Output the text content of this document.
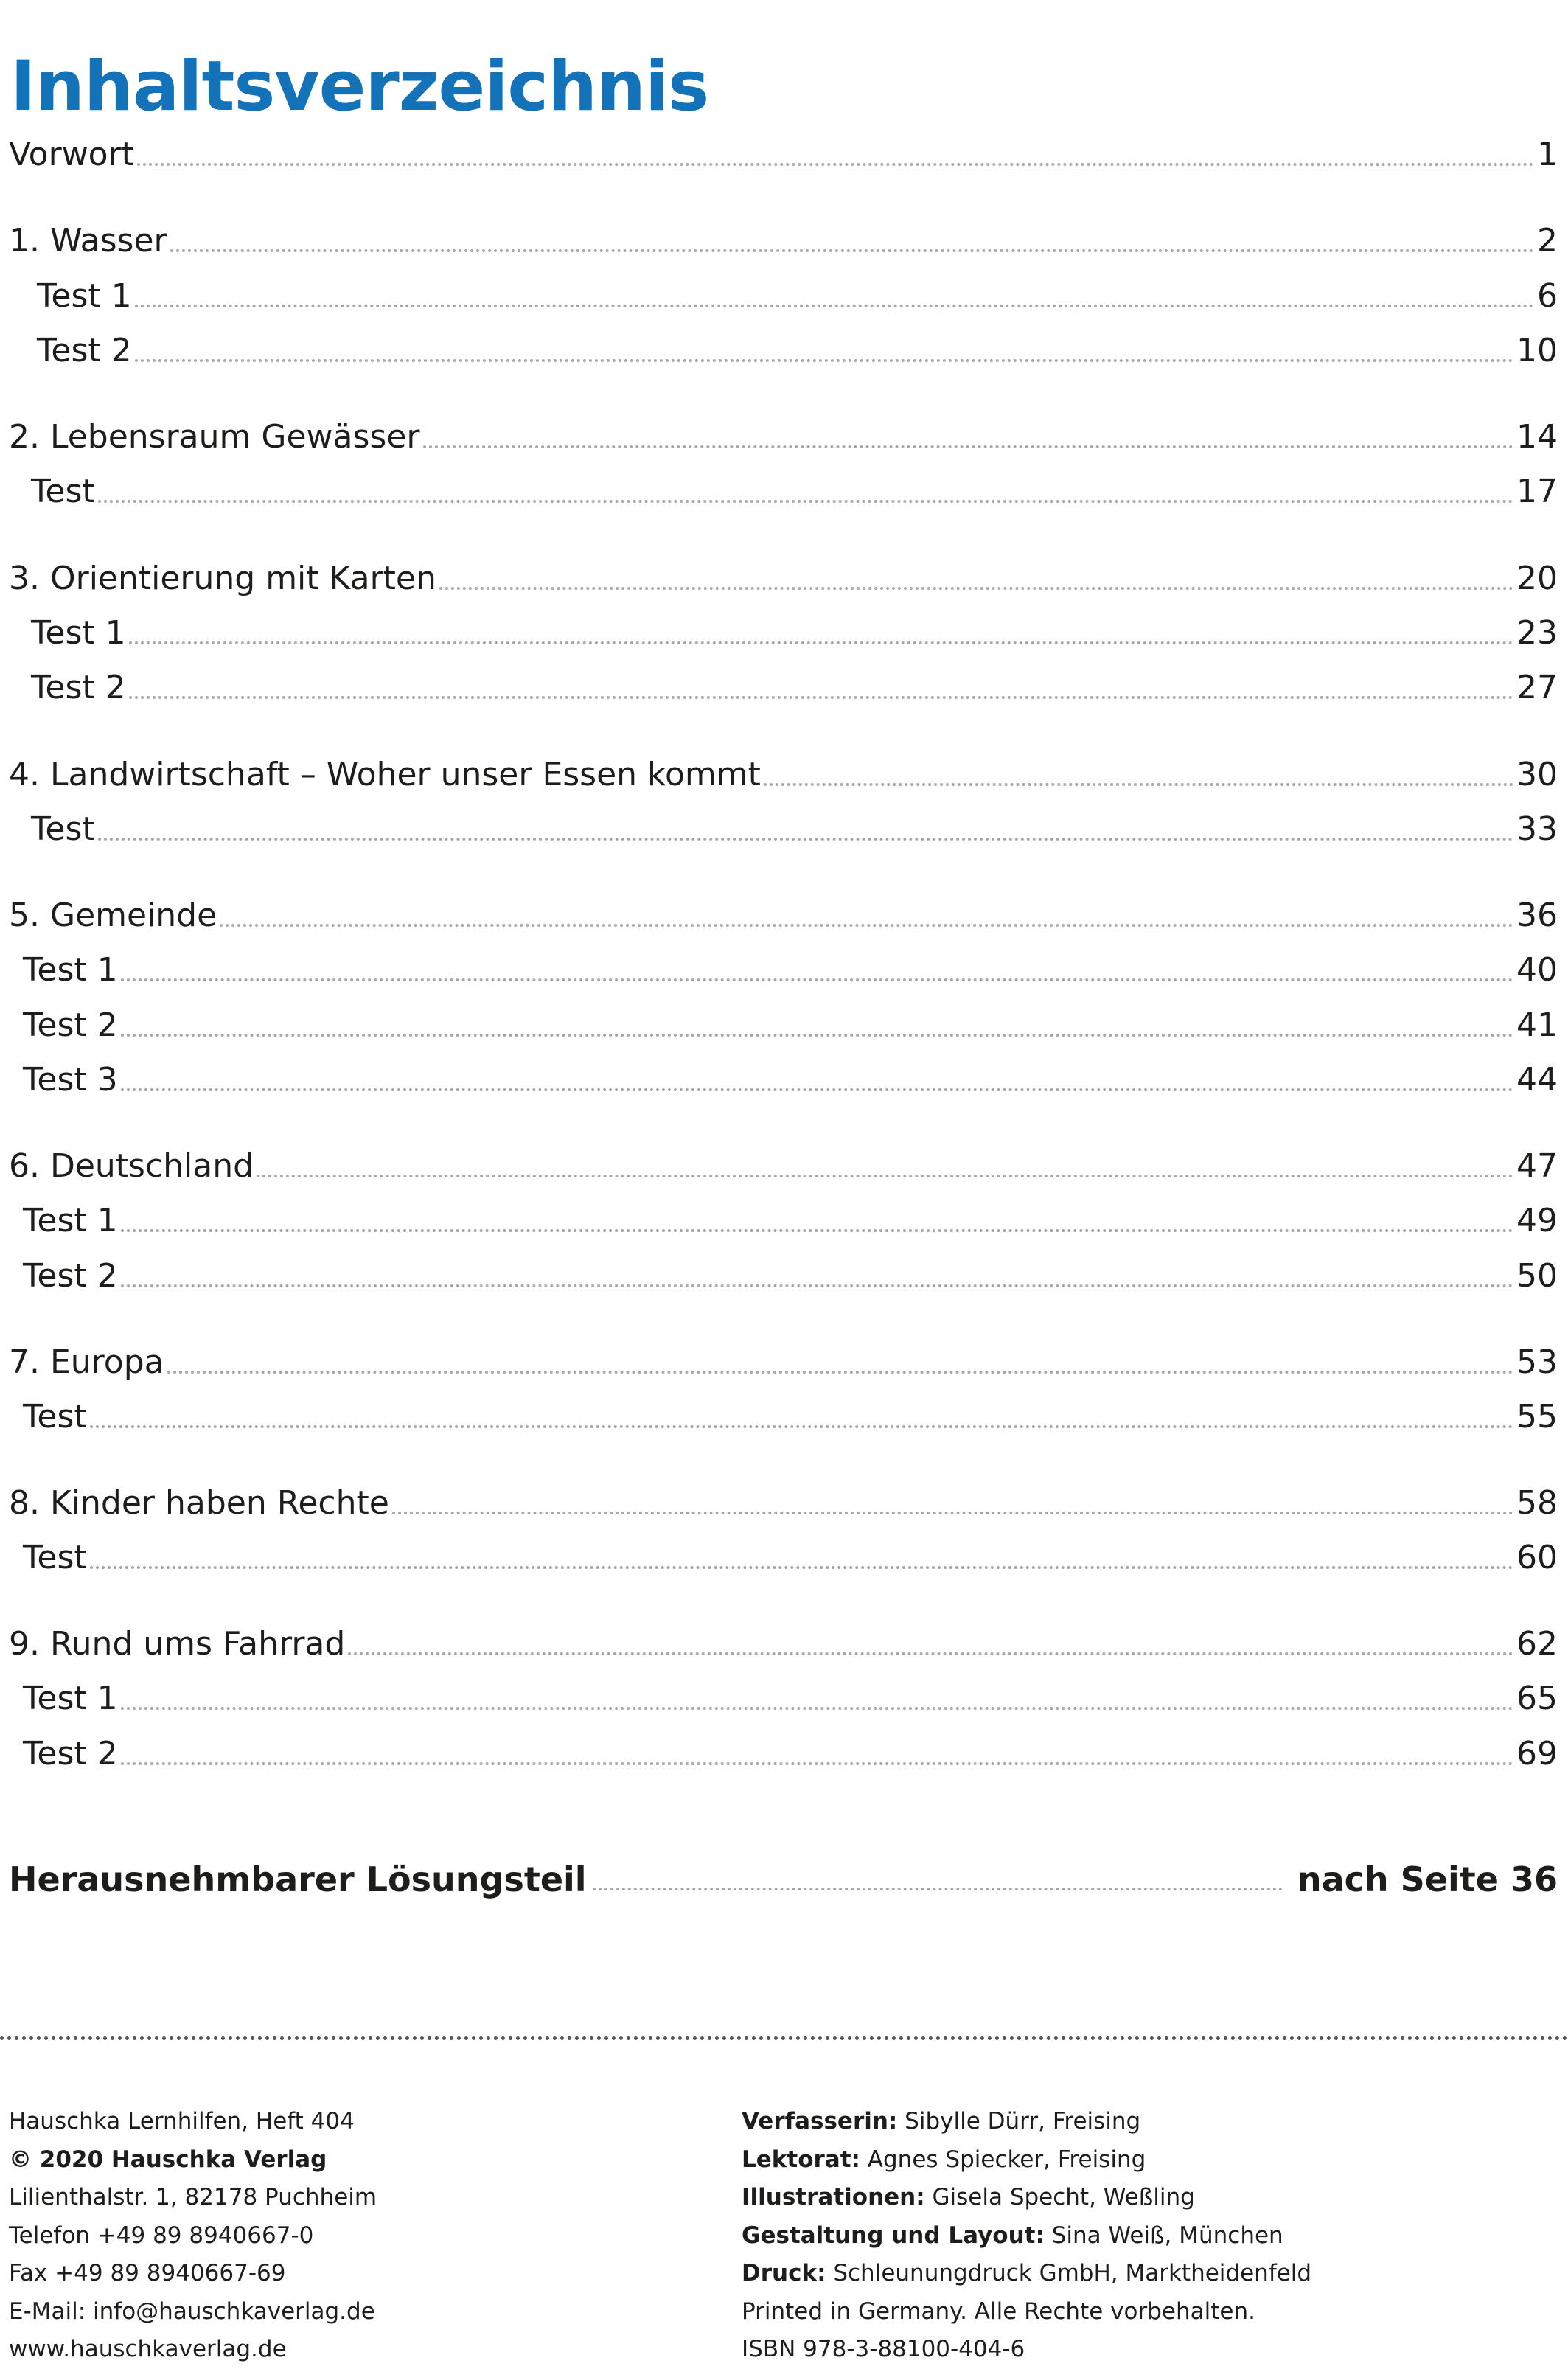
Inhaltsverzeichnis
Vorwort	1
1. Wasser	2
Test 1	6
Test 2	10
2. Lebensraum Gewässer	14
Test	17
3. Orientierung mit Karten	20
Test 1	23
Test 2	27
4. Landwirtschaft – Woher unser Essen kommt	30
Test	33
5. Gemeinde	36
Test 1	40
Test 2	41
Test 3	44
6. Deutschland	47
Test 1	49
Test 2	50
7. Europa	53
Test	55
8. Kinder haben Rechte	58
Test	60
9. Rund ums Fahrrad	62
Test 1	65
Test 2	69
Herausnehmbarer Lösungsteil	nach Seite 36
Hauschka Lernhilfen, Heft 404
© 2020 Hauschka Verlag
Lilienthalstr. 1, 82178 Puchheim
Telefon +49 89 8940667-0
Fax +49 89 8940667-69
E-Mail: info@hauschkaverlag.de
www.hauschkaverlag.de
Verfasserin: Sibylle Dürr, Freising
Lektorat: Agnes Spiecker, Freising
Illustrationen: Gisela Specht, Weßling
Gestaltung und Layout: Sina Weiß, München
Druck: Schleunungdruck GmbH, Marktheidenfeld
Printed in Germany. Alle Rechte vorbehalten.
ISBN 978-3-88100-404-6
